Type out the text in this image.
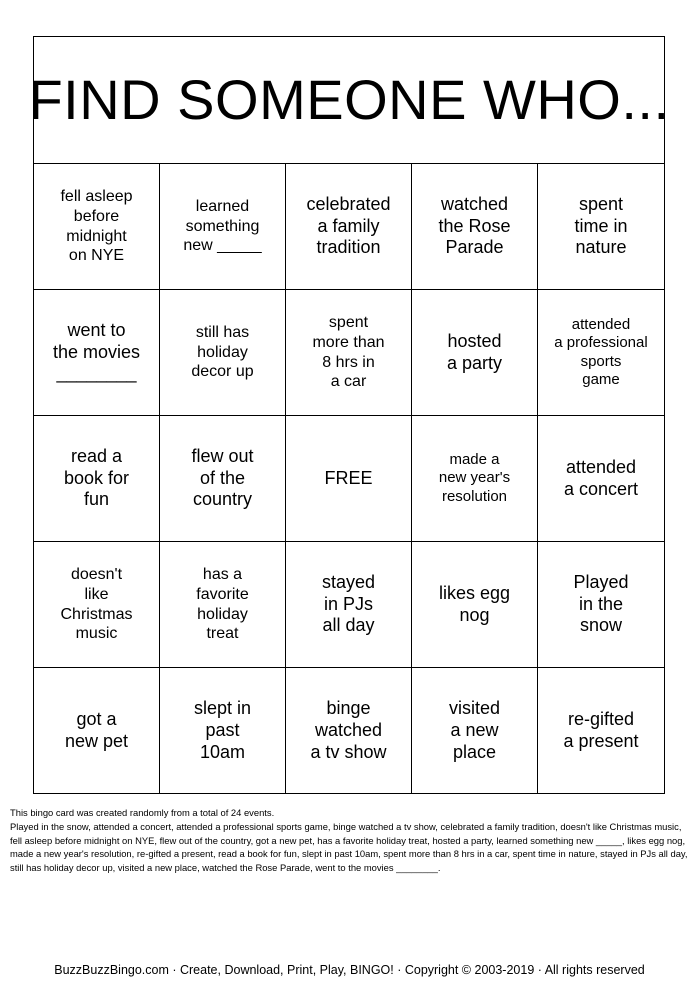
FIND SOMEONE WHO...
fell asleep
before
midnight
on NYE
learned
something
new _____
celebrated
a family
tradition
watched
the Rose
Parade
spent
time in
nature
went to
the movies
________
still has
holiday
decor up
spent
more than
8 hrs in
a car
hosted
a party
attended
a professional
sports
game
read a
book for
fun
flew out
of the
country
FREE
made a
new year's
resolution
attended
a concert
doesn't
like
Christmas
music
has a
favorite
holiday
treat
stayed
in PJs
all day
likes egg
nog
Played
in the
snow
got a
new pet
slept in
past
10am
binge
watched
a tv show
visited
a new
place
re-gifted
a present
This bingo card was created randomly from a total of 24 events.
Played in the snow, attended a concert, attended a professional sports game, binge watched a tv show, celebrated a family tradition, doesn't like Christmas music, fell asleep before midnight on NYE, flew out of the country, got a new pet, has a favorite holiday treat, hosted a party, learned something new _____, likes egg nog, made a new year's resolution, re-gifted a present, read a book for fun, slept in past 10am, spent more than 8 hrs in a car, spent time in nature, stayed in PJs all day, still has holiday decor up, visited a new place, watched the Rose Parade, went to the movies ________.
BuzzBuzzBingo.com · Create, Download, Print, Play, BINGO! · Copyright © 2003-2019 · All rights reserved
